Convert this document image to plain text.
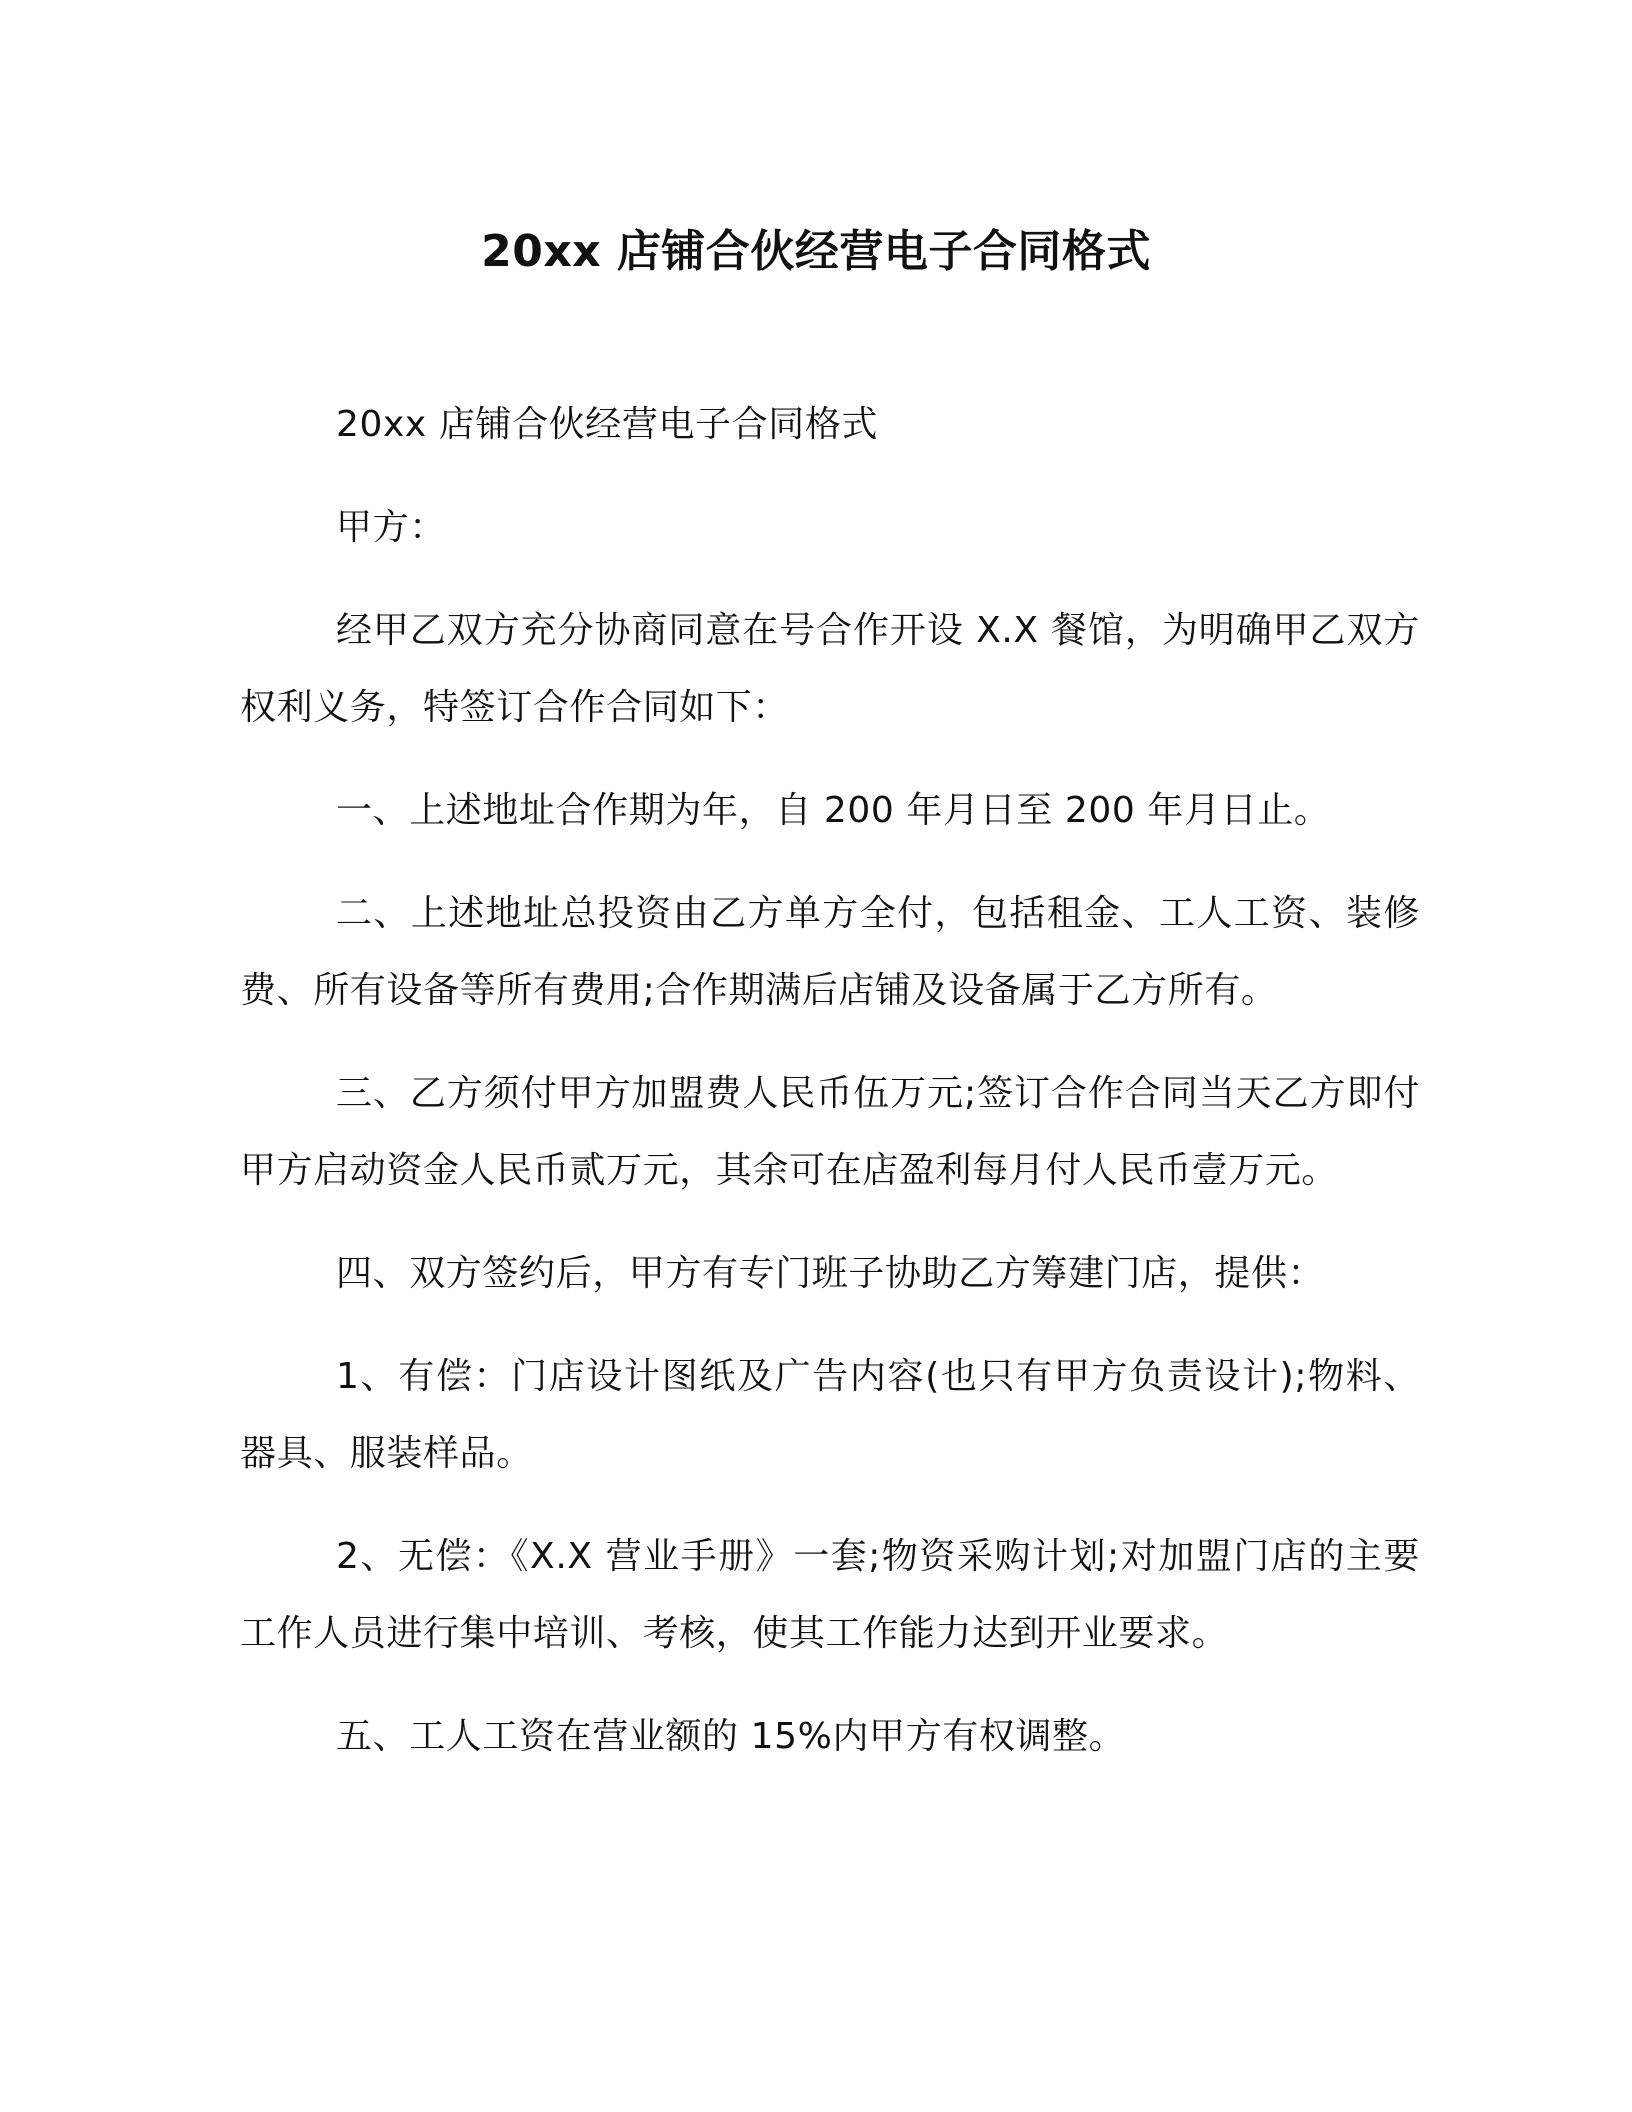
20xx 店铺合伙经营电子合同格式

20xx 店铺合伙经营电子合同格式

甲方：

经甲乙双方充分协商同意在号合作开设 X.X 餐馆，为明确甲乙双方权利义务，特签订合作合同如下：

一、上述地址合作期为年，自 200 年月日至 200 年月日止。

二、上述地址总投资由乙方单方全付，包括租金、工人工资、装修费、所有设备等所有费用;合作期满后店铺及设备属于乙方所有。

三、乙方须付甲方加盟费人民币伍万元;签订合作合同当天乙方即付甲方启动资金人民币贰万元，其余可在店盈利每月付人民币壹万元。

四、双方签约后，甲方有专门班子协助乙方筹建门店，提供：

1、有偿：门店设计图纸及广告内容(也只有甲方负责设计);物料、器具、服装样品。

2、无偿：《X.X 营业手册》一套;物资采购计划;对加盟门店的主要工作人员进行集中培训、考核，使其工作能力达到开业要求。

五、工人工资在营业额的 15%内甲方有权调整。
